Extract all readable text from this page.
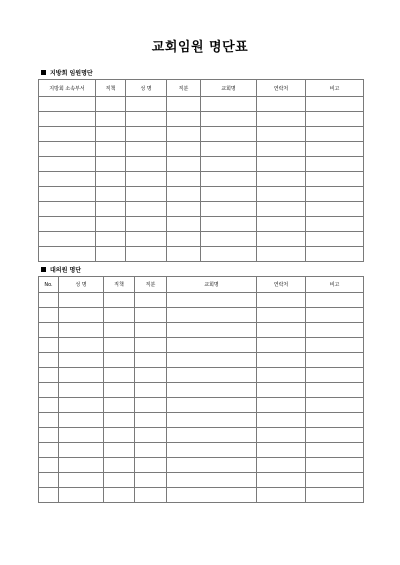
교회임원 명단표
지방회 임원명단
지방회 소속부서	직책	성 명	직분	교회명	연락처	비고

대의원 명단
No.	성 명	직책	직분	교회명	연락처	비고
